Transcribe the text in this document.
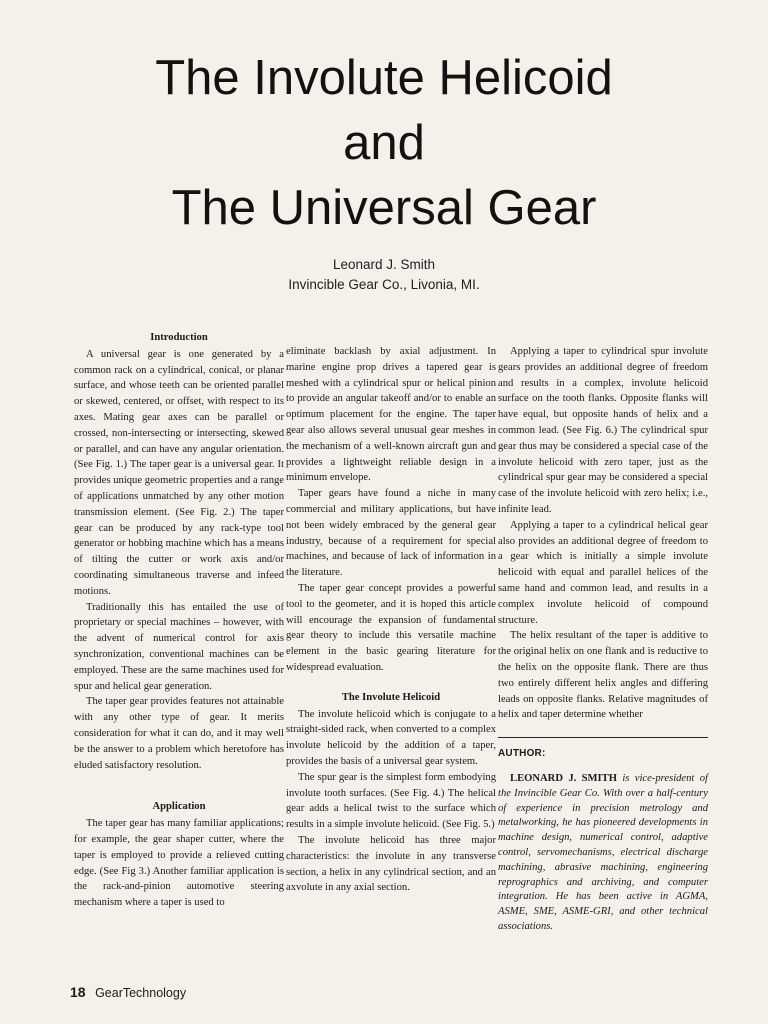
The Involute Helicoid
and
The Universal Gear
Leonard J. Smith
Invincible Gear Co., Livonia, MI.
Introduction

A universal gear is one generated by a common rack on a cylindrical, conical, or planar surface, and whose teeth can be oriented parallel or skewed, centered, or offset, with respect to its axes. Mating gear axes can be parallel or crossed, non-intersecting or intersecting, skewed or parallel, and can have any angular orientation. (See Fig. 1.) The taper gear is a universal gear. It provides unique geometric properties and a range of applications unmatched by any other motion transmission element. (See Fig. 2.) The taper gear can be produced by any rack-type tool generator or hobbing machine which has a means of tilting the cutter or work axis and/or coordinating simultaneous traverse and infeed motions.

Traditionally this has entailed the use of proprietary or special machines – however, with the advent of numerical control for axis synchronization, conventional machines can be employed. These are the same machines used for spur and helical gear generation.

The taper gear provides features not attainable with any other type of gear. It merits consideration for what it can do, and it may well be the answer to a problem which heretofore has eluded satisfactory resolution.

Application

The taper gear has many familiar applications; for example, the gear shaper cutter, where the taper is employed to provide a relieved cutting edge. (See Fig 3.) Another familiar application is the rack-and-pinion automotive steering mechanism where a taper is used to

eliminate backlash by axial adjustment. In marine engine prop drives a tapered gear is meshed with a cylindrical spur or helical pinion to provide an angular takeoff and/or to enable an optimum placement for the engine. The taper gear also allows several unusual gear meshes in the mechanism of a well-known aircraft gun and provides a lightweight reliable design in a minimum envelope.

Taper gears have found a niche in many commercial and military applications, but have not been widely embraced by the general gear industry, because of a requirement for special machines, and because of lack of information in the literature.

The taper gear concept provides a powerful tool to the geometer, and it is hoped this article will encourage the expansion of fundamental gear theory to include this versatile machine element in the basic gearing literature for widespread evaluation.

The Involute Helicoid

The involute helicoid which is conjugate to a straight-sided rack, when converted to a complex involute helicoid by the addition of a taper, provides the basis of a universal gear system.

The spur gear is the simplest form embodying involute tooth surfaces. (See Fig. 4.) The helical gear adds a helical twist to the surface which results in a simple involute helicoid. (See Fig. 5.)

The involute helicoid has three major characteristics: the involute in any transverse section, a helix in any cylindrical section, and an axvolute in any axial section.

Applying a taper to cylindrical spur involute gears provides an additional degree of freedom and results in a complex, involute helicoid surface on the tooth flanks. Opposite flanks will have equal, but opposite hands of helix and a common lead. (See Fig. 6.) The cylindrical spur gear thus may be considered a special case of the involute helicoid with zero taper, just as the cylindrical spur gear may be considered a special case of the involute helicoid with zero helix; i.e., infinite lead.

Applying a taper to a cylindrical helical gear also provides an additional degree of freedom to a gear which is initially a simple involute helicoid with equal and parallel helices of the same hand and common lead, and results in a complex involute helicoid of compound structure.

The helix resultant of the taper is additive to the original helix on one flank and is reductive to the helix on the opposite flank. There are thus two entirely different helix angles and differing leads on opposite flanks. Relative magnitudes of helix and taper determine whether

AUTHOR:

LEONARD J. SMITH is vice-president of the Invincible Gear Co. With over a half-century of experience in precision metrology and metalworking, he has pioneered developments in machine design, numerical control, adaptive control, servomechanisms, electrical discharge machining, abrasive machining, engineering reprographics and archiving, and computer integration. He has been active in AGMA, ASME, SME, ASME-GRI, and other technical associations.

18 GearTechnology
